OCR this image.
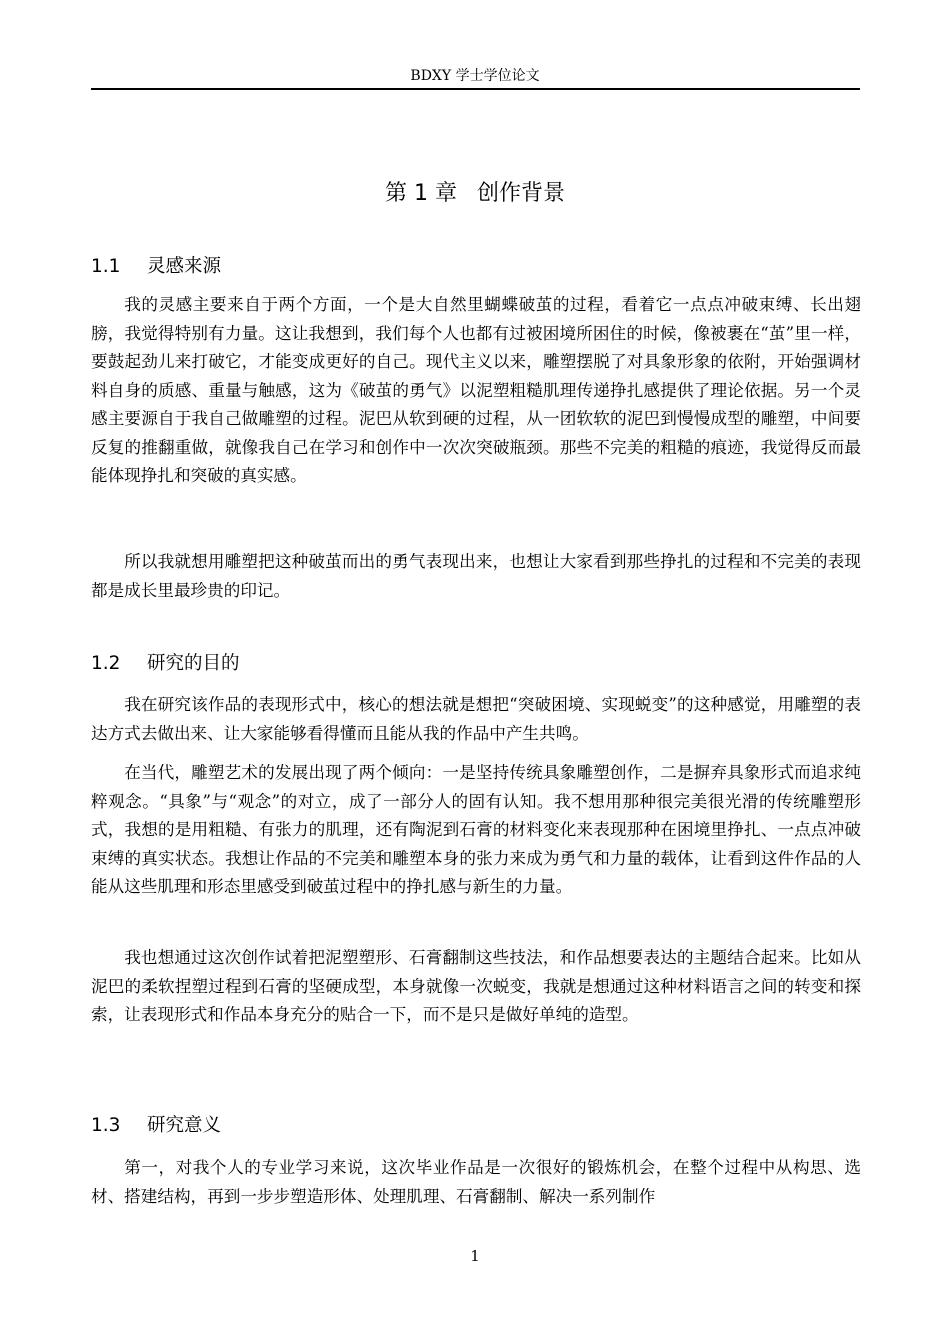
BDXY 学士学位论文
第 1 章 创作背景
1.1 灵感来源

我的灵感主要来自于两个方面，一个是大自然里蝴蝶破茧的过程，看着它一点点冲破束缚、长出翅膀，我觉得特别有力量。这让我想到，我们每个人也都有过被困境所困住的时候，像被裹在“茧”里一样，要鼓起劲儿来打破它，才能变成更好的自己。现代主义以来，雕塑摆脱了对具象形象的依附，开始强调材料自身的质感、重量与触感，这为《破茧的勇气》以泥塑粗糙肌理传递挣扎感提供了理论依据。另一个灵感主要源自于我自己做雕塑的过程。泥巴从软到硬的过程，从一团软软的泥巴到慢慢成型的雕塑，中间要反复的推翻重做，就像我自己在学习和创作中一次次突破瓶颈。那些不完美的粗糙的痕迹，我觉得反而最能体现挣扎和突破的真实感。

所以我就想用雕塑把这种破茧而出的勇气表现出来，也想让大家看到那些挣扎的过程和不完美的表现都是成长里最珍贵的印记。

1.2 研究的目的

我在研究该作品的表现形式中，核心的想法就是想把“突破困境、实现蜕变”的这种感觉，用雕塑的表达方式去做出来、让大家能够看得懂而且能从我的作品中产生共鸣。

在当代，雕塑艺术的发展出现了两个倾向：一是坚持传统具象雕塑创作，二是摒弃具象形式而追求纯粹观念。“具象”与“观念”的对立，成了一部分人的固有认知。我不想用那种很完美很光滑的传统雕塑形式，我想的是用粗糙、有张力的肌理，还有陶泥到石膏的材料变化来表现那种在困境里挣扎、一点点冲破束缚的真实状态。我想让作品的不完美和雕塑本身的张力来成为勇气和力量的载体，让看到这件作品的人能从这些肌理和形态里感受到破茧过程中的挣扎感与新生的力量。

我也想通过这次创作试着把泥塑塑形、石膏翻制这些技法，和作品想要表达的主题结合起来。比如从泥巴的柔软捏塑过程到石膏的坚硬成型，本身就像一次蜕变，我就是想通过这种材料语言之间的转变和探索，让表现形式和作品本身充分的贴合一下，而不是只是做好单纯的造型。

1.3 研究意义

第一，对我个人的专业学习来说，这次毕业作品是一次很好的锻炼机会，在整个过程中从构思、选材、搭建结构，再到一步步塑造形体、处理肌理、石膏翻制、解决一系列制作

1
